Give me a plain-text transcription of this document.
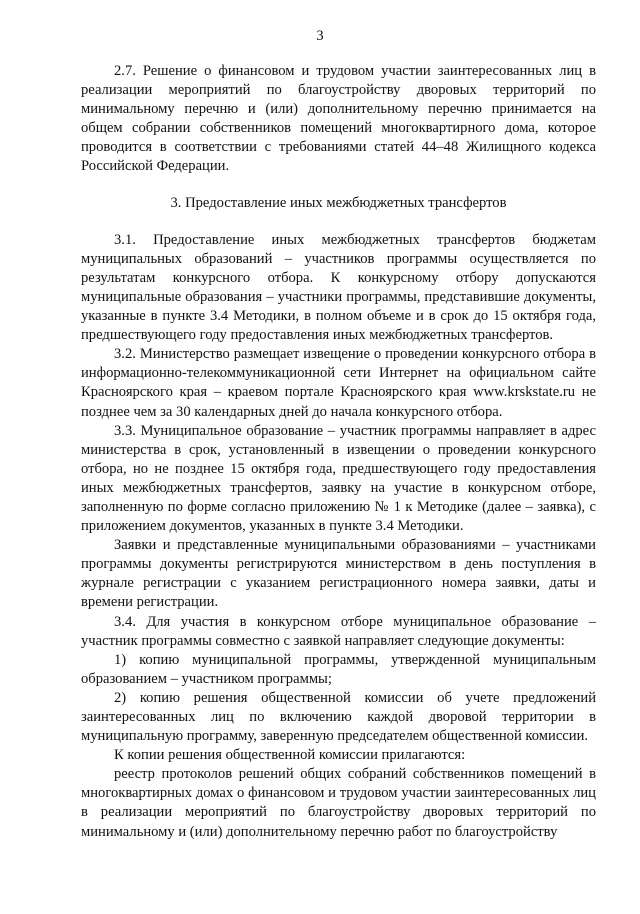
3

2.7. Решение о финансовом и трудовом участии заинтересованных лиц в реализации мероприятий по благоустройству дворовых территорий по минимальному перечню и (или) дополнительному перечню принимается на общем собрании собственников помещений многоквартирного дома, которое проводится в соответствии с требованиями статей 44–48 Жилищного кодекса Российской Федерации.

3. Предоставление иных межбюджетных трансфертов

3.1. Предоставление иных межбюджетных трансфертов бюджетам муниципальных образований – участников программы осуществляется по результатам конкурсного отбора. К конкурсному отбору допускаются муниципальные образования – участники программы, представившие документы, указанные в пункте 3.4 Методики, в полном объеме и в срок до 15 октября года, предшествующего году предоставления иных межбюджетных трансфертов.

3.2. Министерство размещает извещение о проведении конкурсного отбора в информационно-телекоммуникационной сети Интернет на официальном сайте Красноярского края – краевом портале Красноярского края www.krskstate.ru не позднее чем за 30 календарных дней до начала конкурсного отбора.

3.3. Муниципальное образование – участник программы направляет в адрес министерства в срок, установленный в извещении о проведении конкурсного отбора, но не позднее 15 октября года, предшествующего году предоставления иных межбюджетных трансфертов, заявку на участие в конкурсном отборе, заполненную по форме согласно приложению № 1 к Методике (далее – заявка), с приложением документов, указанных в пункте 3.4 Методики.

Заявки и представленные муниципальными образованиями – участниками программы документы регистрируются министерством в день поступления в журнале регистрации с указанием регистрационного номера заявки, даты и времени регистрации.

3.4. Для участия в конкурсном отборе муниципальное образование – участник программы совместно с заявкой направляет следующие документы:

1) копию муниципальной программы, утвержденной муниципальным образованием – участником программы;

2) копию решения общественной комиссии об учете предложений заинтересованных лиц по включению каждой дворовой территории в муниципальную программу, заверенную председателем общественной комиссии.

К копии решения общественной комиссии прилагаются:

реестр протоколов решений общих собраний собственников помещений в многоквартирных домах о финансовом и трудовом участии заинтересованных лиц в реализации мероприятий по благоустройству дворовых территорий по минимальному и (или) дополнительному перечню работ по благоустройству
